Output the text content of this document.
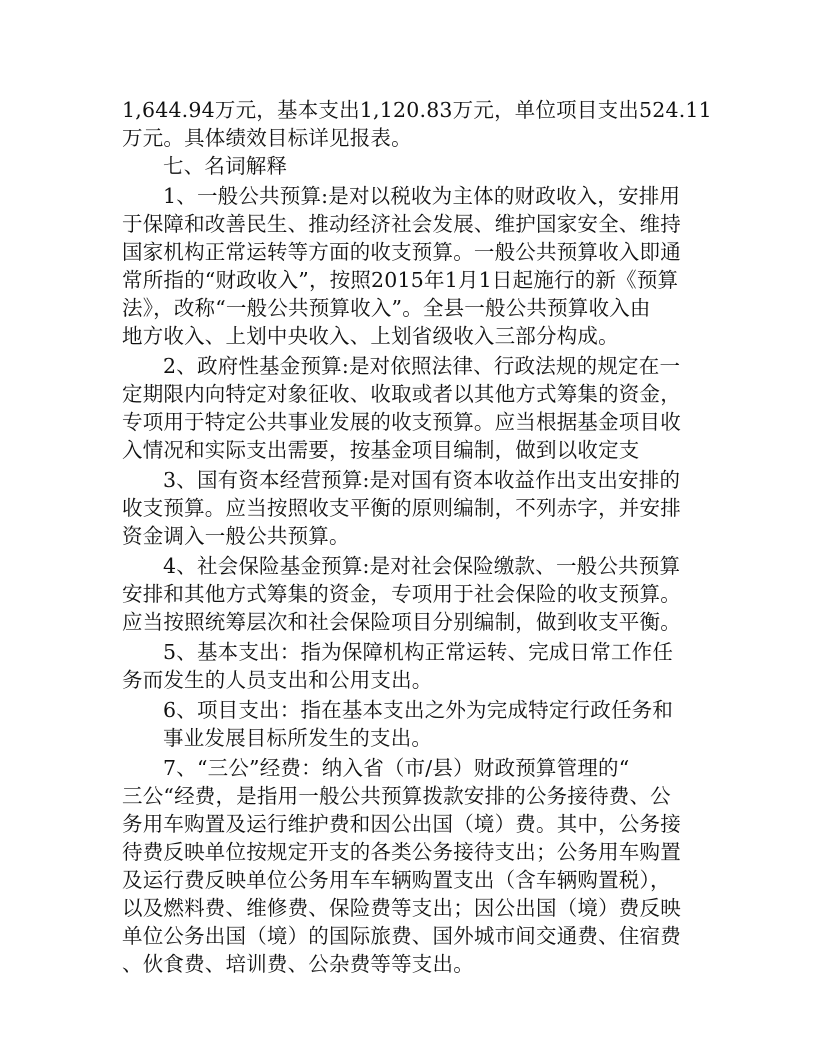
1,644.94万元，基本支出1,120.83万元，单位项目支出524.11
万元。具体绩效目标详见报表。
七、名词解释
1、一般公共预算:是对以税收为主体的财政收入，安排用
于保障和改善民生、推动经济社会发展、维护国家安全、维持
国家机构正常运转等方面的收支预算。一般公共预算收入即通
常所指的“财政收入”，按照2015年1月1日起施行的新《预算
法》，改称“一般公共预算收入”。全县一般公共预算收入由
地方收入、上划中央收入、上划省级收入三部分构成。
2、政府性基金预算:是对依照法律、行政法规的规定在一
定期限内向特定对象征收、收取或者以其他方式筹集的资金，
专项用于特定公共事业发展的收支预算。应当根据基金项目收
入情况和实际支出需要，按基金项目编制，做到以收定支
3、国有资本经营预算:是对国有资本收益作出支出安排的
收支预算。应当按照收支平衡的原则编制，不列赤字，并安排
资金调入一般公共预算。
4、社会保险基金预算:是对社会保险缴款、一般公共预算
安排和其他方式筹集的资金，专项用于社会保险的收支预算。
应当按照统筹层次和社会保险项目分别编制，做到收支平衡。
5、基本支出：指为保障机构正常运转、完成日常工作任
务而发生的人员支出和公用支出。
6、项目支出：指在基本支出之外为完成特定行政任务和
事业发展目标所发生的支出。
7、“三公”经费：纳入省（市/县）财政预算管理的“
三公“经费，是指用一般公共预算拨款安排的公务接待费、公
务用车购置及运行维护费和因公出国（境）费。其中，公务接
待费反映单位按规定开支的各类公务接待支出；公务用车购置
及运行费反映单位公务用车车辆购置支出（含车辆购置税），
以及燃料费、维修费、保险费等支出；因公出国（境）费反映
单位公务出国（境）的国际旅费、国外城市间交通费、住宿费
、伙食费、培训费、公杂费等等支出。
